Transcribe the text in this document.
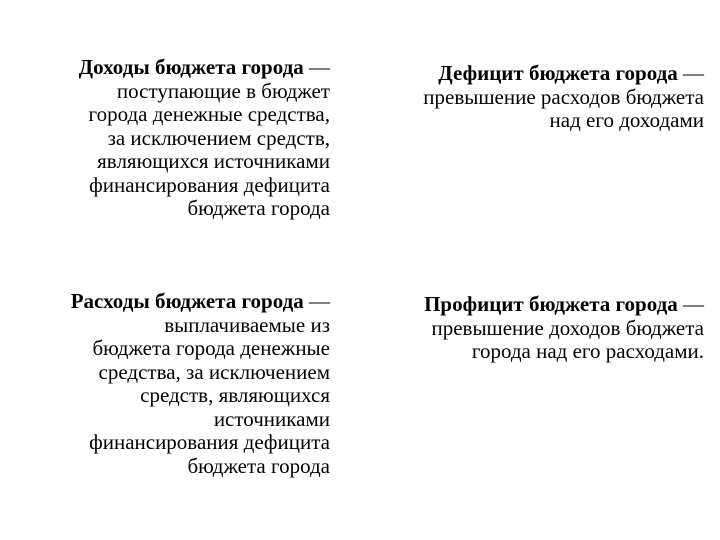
Доходы бюджета города —
поступающие в бюджет
города денежные средства,
за исключением средств,
являющихся источниками
финансирования дефицита
бюджета города
Дефицит бюджета города —
превышение расходов бюджета
над его доходами
Расходы бюджета города —
выплачиваемые из
бюджета города денежные
средства, за исключением
средств, являющихся
источниками
финансирования дефицита
бюджета города
Профицит бюджета города —
превышение доходов бюджета
города над его расходами.
